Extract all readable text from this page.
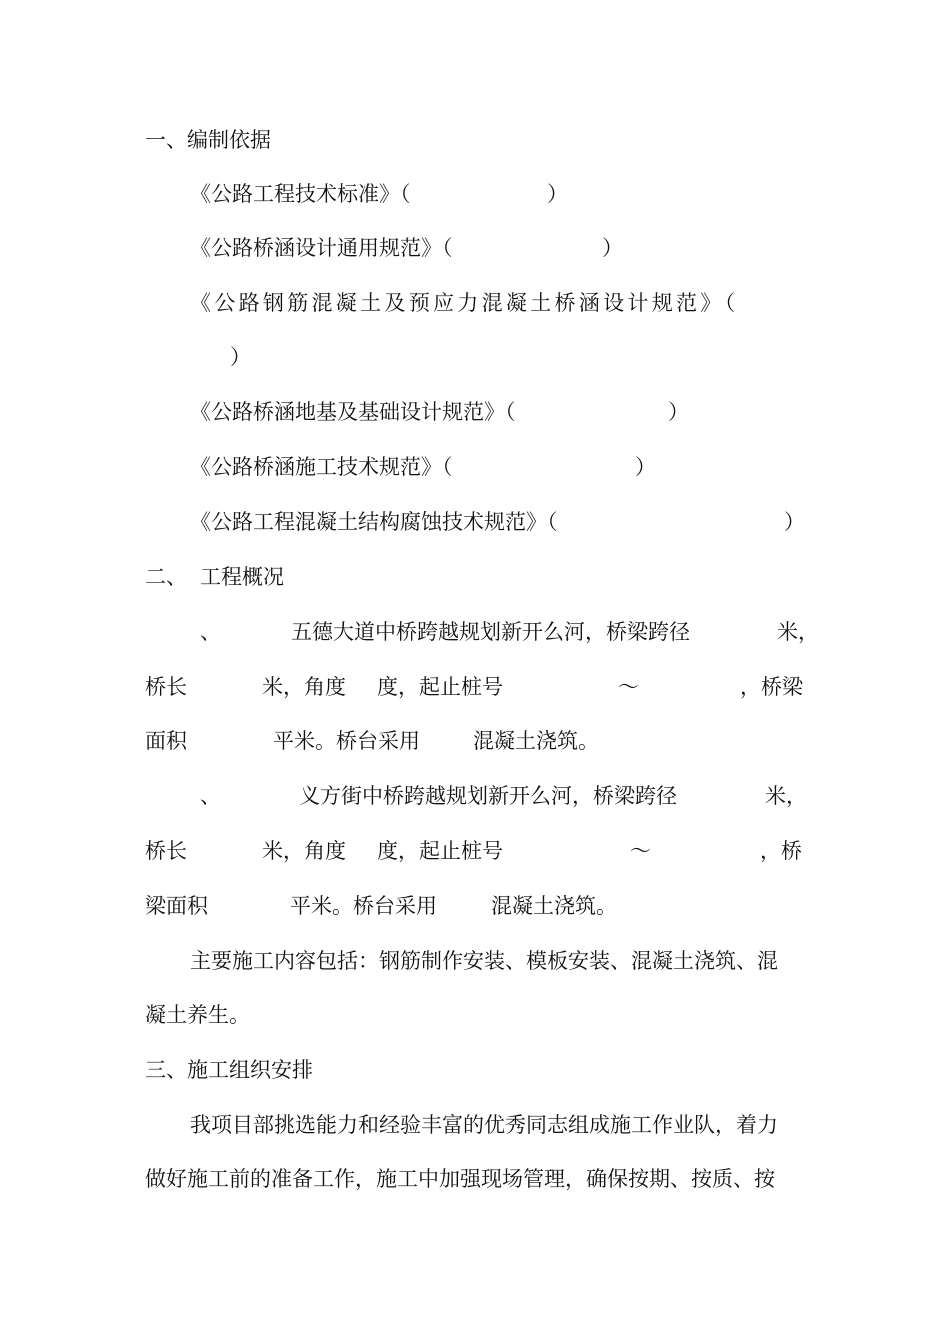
一、编制依据
《公路工程技术标准》（	）
《公路桥涵设计通用规范》（	）
《公路钢筋混凝土及预应力混凝土桥涵设计规范》（
）
《公路桥涵地基及基础设计规范》（	）
《公路桥涵施工技术规范》（	）
《公路工程混凝土结构腐蚀技术规范》（	）
二、 工程概况
、	五德大道中桥跨越规划新开么河，桥梁跨径	米，
桥长	米，角度 度，起止桩号	～	，桥梁
面积	平米。桥台采用	混凝土浇筑。
、	义方街中桥跨越规划新开么河，桥梁跨径	米，
桥长	米，角度 度，起止桩号	～	，桥
梁面积	平米。桥台采用	混凝土浇筑。
主要施工内容包括：钢筋制作安装、模板安装、混凝土浇筑、混
凝土养生。
三、施工组织安排
我项目部挑选能力和经验丰富的优秀同志组成施工作业队，着力
做好施工前的准备工作，施工中加强现场管理，确保按期、按质、按
